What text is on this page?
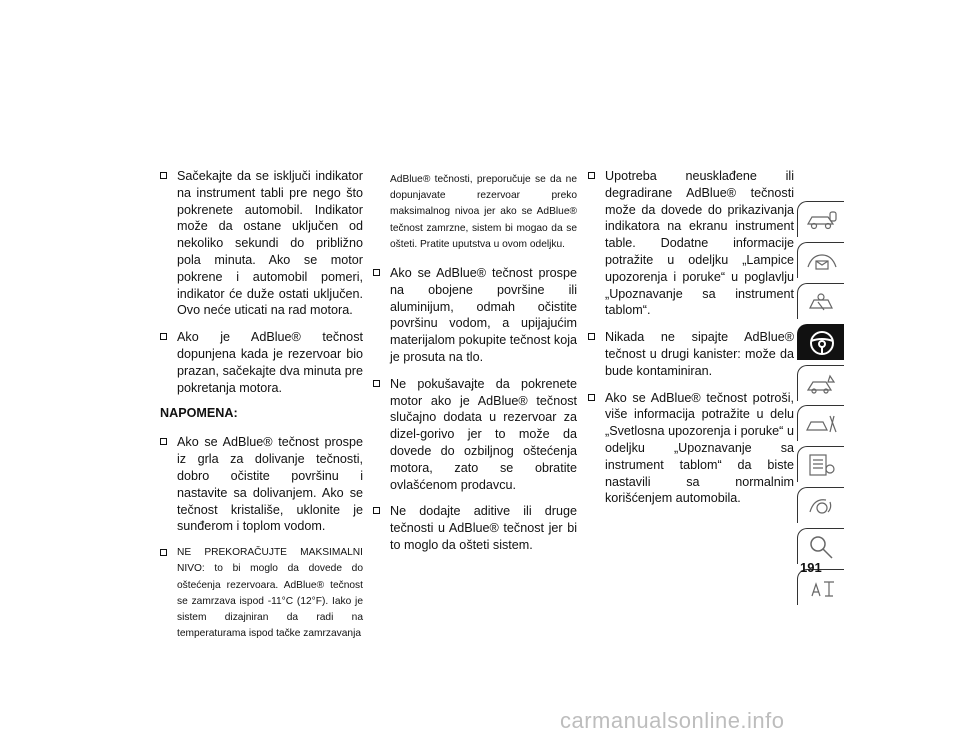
Sačekajte da se isključi indikator na instrument tabli pre nego što pokrenete automobil. Indikator može da ostane uključen od nekoliko sekundi do približno pola minuta. Ako se motor pokrene i automobil pomeri, indikator će duže ostati uključen. Ovo neće uticati na rad motora.
Ako je AdBlue® tečnost dopunjena kada je rezervoar bio prazan, sačekajte dva minuta pre pokretanja motora.
NAPOMENA:
Ako se AdBlue® tečnost prospe iz grla za dolivanje tečnosti, dobro očistite površinu i nastavite sa dolivanjem. Ako se tečnost kristališe, uklonite je sunđerom i toplom vodom.
NE PREKORAČUJTE MAKSIMALNI NIVO: to bi moglo da dovede do oštećenja rezervoara. AdBlue® tečnost se zamrzava ispod -11°C (12°F). Iako je sistem dizajniran da radi na temperaturama ispod tačke zamrzavanja
AdBlue® tečnosti, preporučuje se da ne dopunjavate rezervoar preko maksimalnog nivoa jer ako se AdBlue® tečnost zamrzne, sistem bi mogao da se ošteti. Pratite uputstva u ovom odeljku.
Ako se AdBlue® tečnost prospe na obojene površine ili aluminijum, odmah očistite površinu vodom, a upijajućim materijalom pokupite tečnost koja je prosuta na tlo.
Ne pokušavajte da pokrenete motor ako je AdBlue® tečnost slučajno dodata u rezervoar za dizel-gorivo jer to može da dovede do ozbiljnog oštećenja motora, zato se obratite ovlašćenom prodavcu.
Ne dodajte aditive ili druge tečnosti u AdBlue® tečnost jer bi to moglo da ošteti sistem.
Upotreba neusklađene ili degradirane AdBlue® tečnosti može da dovede do prikazivanja indikatora na ekranu instrument table. Dodatne informacije potražite u odeljku „Lampice upozorenja i poruke“ u poglavlju „Upoznavanje sa instrument tablom“.
Nikada ne sipajte AdBlue® tečnost u drugi kanister: može da bude kontaminiran.
Ako se AdBlue® tečnost potroši, više informacija potražite u delu „Svetlosna upozorenja i poruke“ u odeljku „Upoznavanje sa instrument tablom“ da biste nastavili sa normalnim korišćenjem automobila.
191
carmanualsonline.info
